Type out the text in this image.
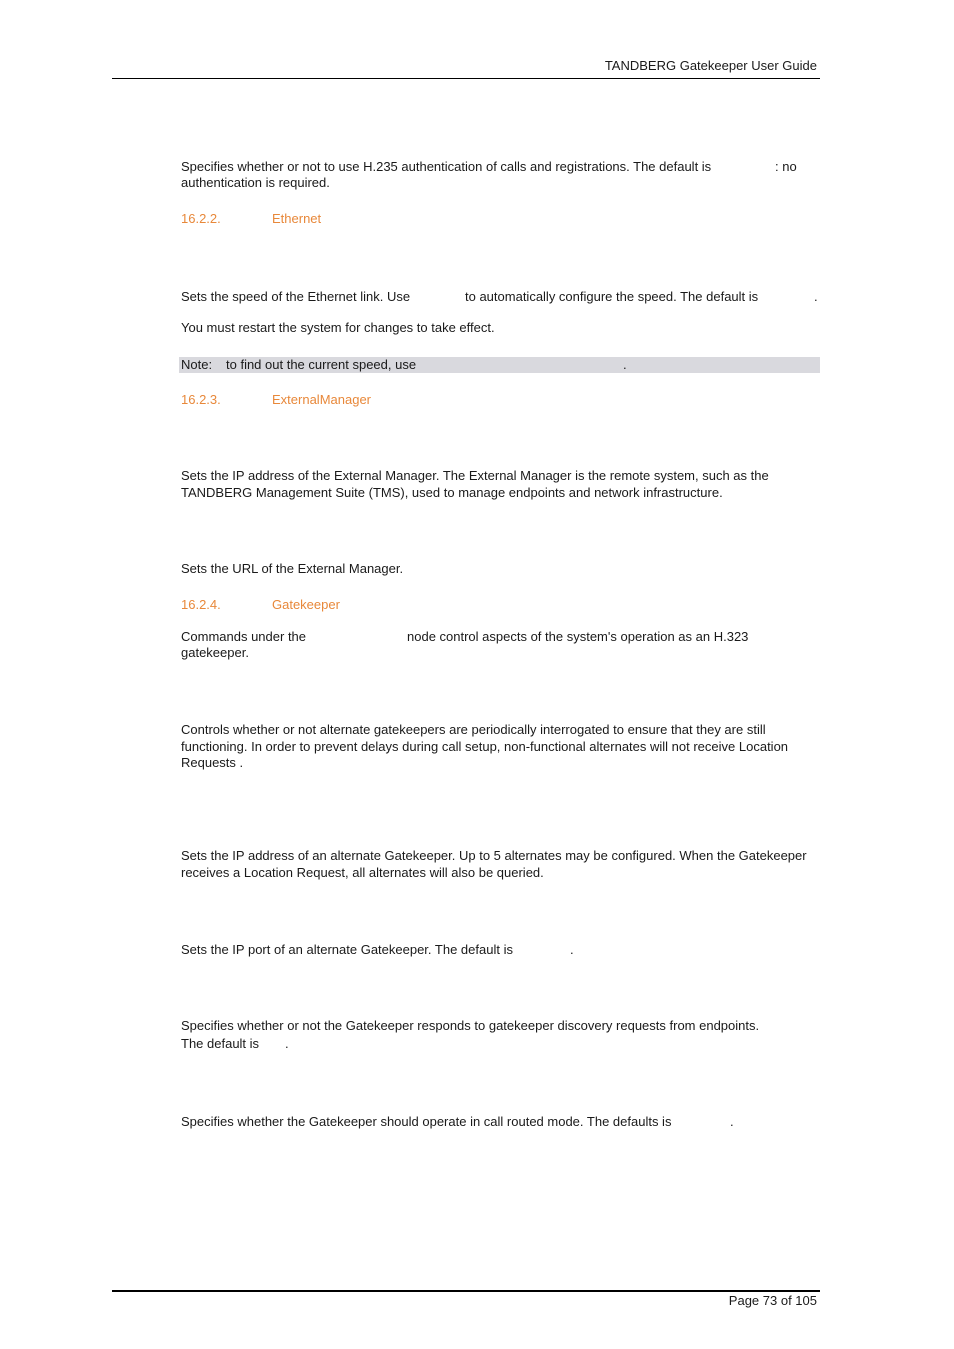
TANDBERG Gatekeeper User Guide
Specifies whether or not to use H.235 authentication of calls and registrations. The default is	: no
authentication is required.
16.2.2.	Ethernet
Sets the speed of the Ethernet link. Use	to automatically configure the speed. The default is	.
You must restart the system for changes to take effect.
Note: to find out the current speed, use	.
16.2.3.	ExternalManager
Sets the IP address of the External Manager. The External Manager is the remote system, such as the TANDBERG Management Suite (TMS), used to manage endpoints and network infrastructure.
Sets the URL of the External Manager.
16.2.4.	Gatekeeper
Commands under the	node control aspects of the system's operation as an H.323
gatekeeper.
Controls whether or not alternate gatekeepers are periodically interrogated to ensure that they are still functioning. In order to prevent delays during call setup, non-functional alternates will not receive Location Requests .
Sets the IP address of an alternate Gatekeeper. Up to 5 alternates may be configured. When the Gatekeeper receives a Location Request, all alternates will also be queried.
Sets the IP port of an alternate Gatekeeper. The default is	.
Specifies whether or not the Gatekeeper responds to gatekeeper discovery requests from endpoints.
The default is .
Specifies whether the Gatekeeper should operate in call routed mode. The defaults is	.
Page 73 of 105
